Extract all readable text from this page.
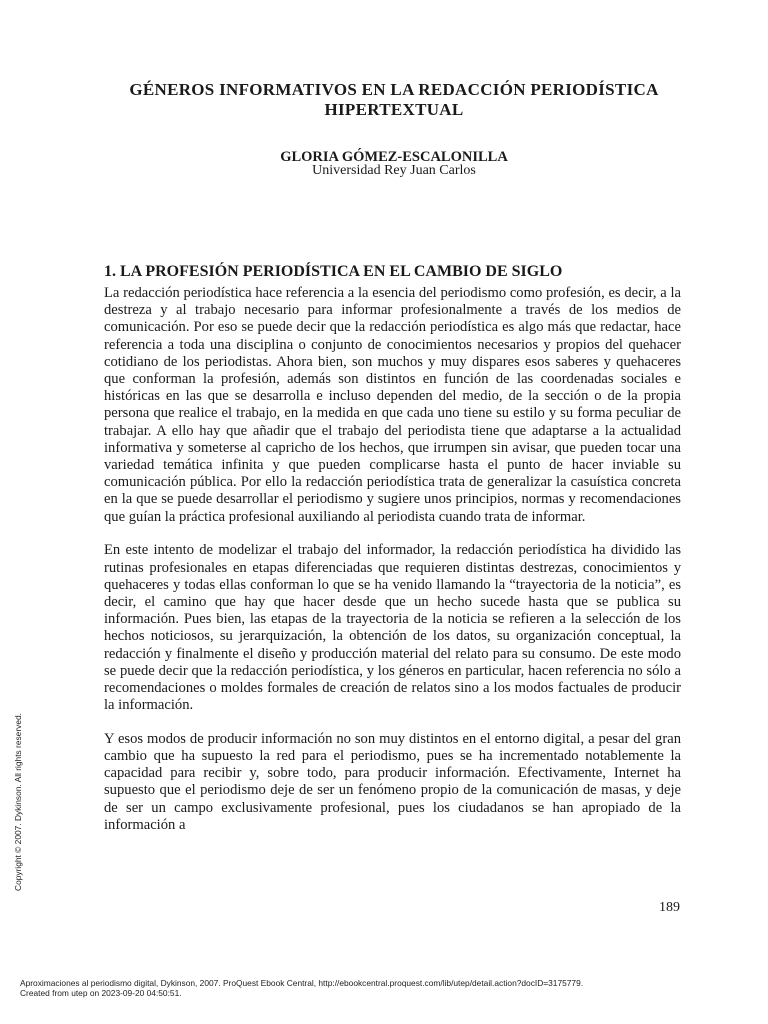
GÉNEROS INFORMATIVOS EN LA REDACCIÓN PERIODÍSTICA HIPERTEXTUAL
GLORIA GÓMEZ-ESCALONILLA
Universidad Rey Juan Carlos
1. LA PROFESIÓN PERIODÍSTICA EN EL CAMBIO DE SIGLO

La redacción periodística hace referencia a la esencia del periodismo como profesión, es decir, a la destreza y al trabajo necesario para informar profesionalmente a través de los medios de comunicación. Por eso se puede decir que la redacción periodística es algo más que redactar, hace referencia a toda una disciplina o conjunto de conocimientos necesarios y propios del quehacer cotidiano de los periodistas. Ahora bien, son muchos y muy dispares esos saberes y quehaceres que conforman la profesión, además son distintos en función de las coordenadas sociales e históricas en las que se desarrolla e incluso dependen del medio, de la sección o de la propia persona que realice el trabajo, en la medida en que cada uno tiene su estilo y su forma peculiar de trabajar. A ello hay que añadir que el trabajo del periodista tiene que adaptarse a la actualidad informativa y someterse al capricho de los hechos, que irrumpen sin avisar, que pueden tocar una variedad temática infinita y que pueden complicarse hasta el punto de hacer inviable su comunicación pública. Por ello la redacción periodística trata de generalizar la casuística concreta en la que se puede desarrollar el periodismo y sugiere unos principios, normas y recomendaciones que guían la práctica profesional auxiliando al periodista cuando trata de informar.

En este intento de modelizar el trabajo del informador, la redacción periodística ha dividido las rutinas profesionales en etapas diferenciadas que requieren distintas destrezas, conocimientos y quehaceres y todas ellas conforman lo que se ha venido llamando la “trayectoria de la noticia”, es decir, el camino que hay que hacer desde que un hecho sucede hasta que se publica su información. Pues bien, las etapas de la trayectoria de la noticia se refieren a la selección de los hechos noticiosos, su jerarquización, la obtención de los datos, su organización conceptual, la redacción y finalmente el diseño y producción material del relato para su consumo. De este modo se puede decir que la redacción periodística, y los géneros en particular, hacen referencia no sólo a recomendaciones o moldes formales de creación de relatos sino a los modos factuales de producir la información.

Y esos modos de producir información no son muy distintos en el entorno digital, a pesar del gran cambio que ha supuesto la red para el periodismo, pues se ha incrementado notablemente la capacidad para recibir y, sobre todo, para producir información. Efectivamente, Internet ha supuesto que el periodismo deje de ser un fenómeno propio de la comunicación de masas, y deje de ser un campo exclusivamente profesional, pues los ciudadanos se han apropiado de la información a

189
Copyright © 2007. Dykinson. All rights reserved.
Aproximaciones al periodismo digital, Dykinson, 2007. ProQuest Ebook Central, http://ebookcentral.proquest.com/lib/utep/detail.action?docID=3175779.
Created from utep on 2023-09-20 04:50:51.
